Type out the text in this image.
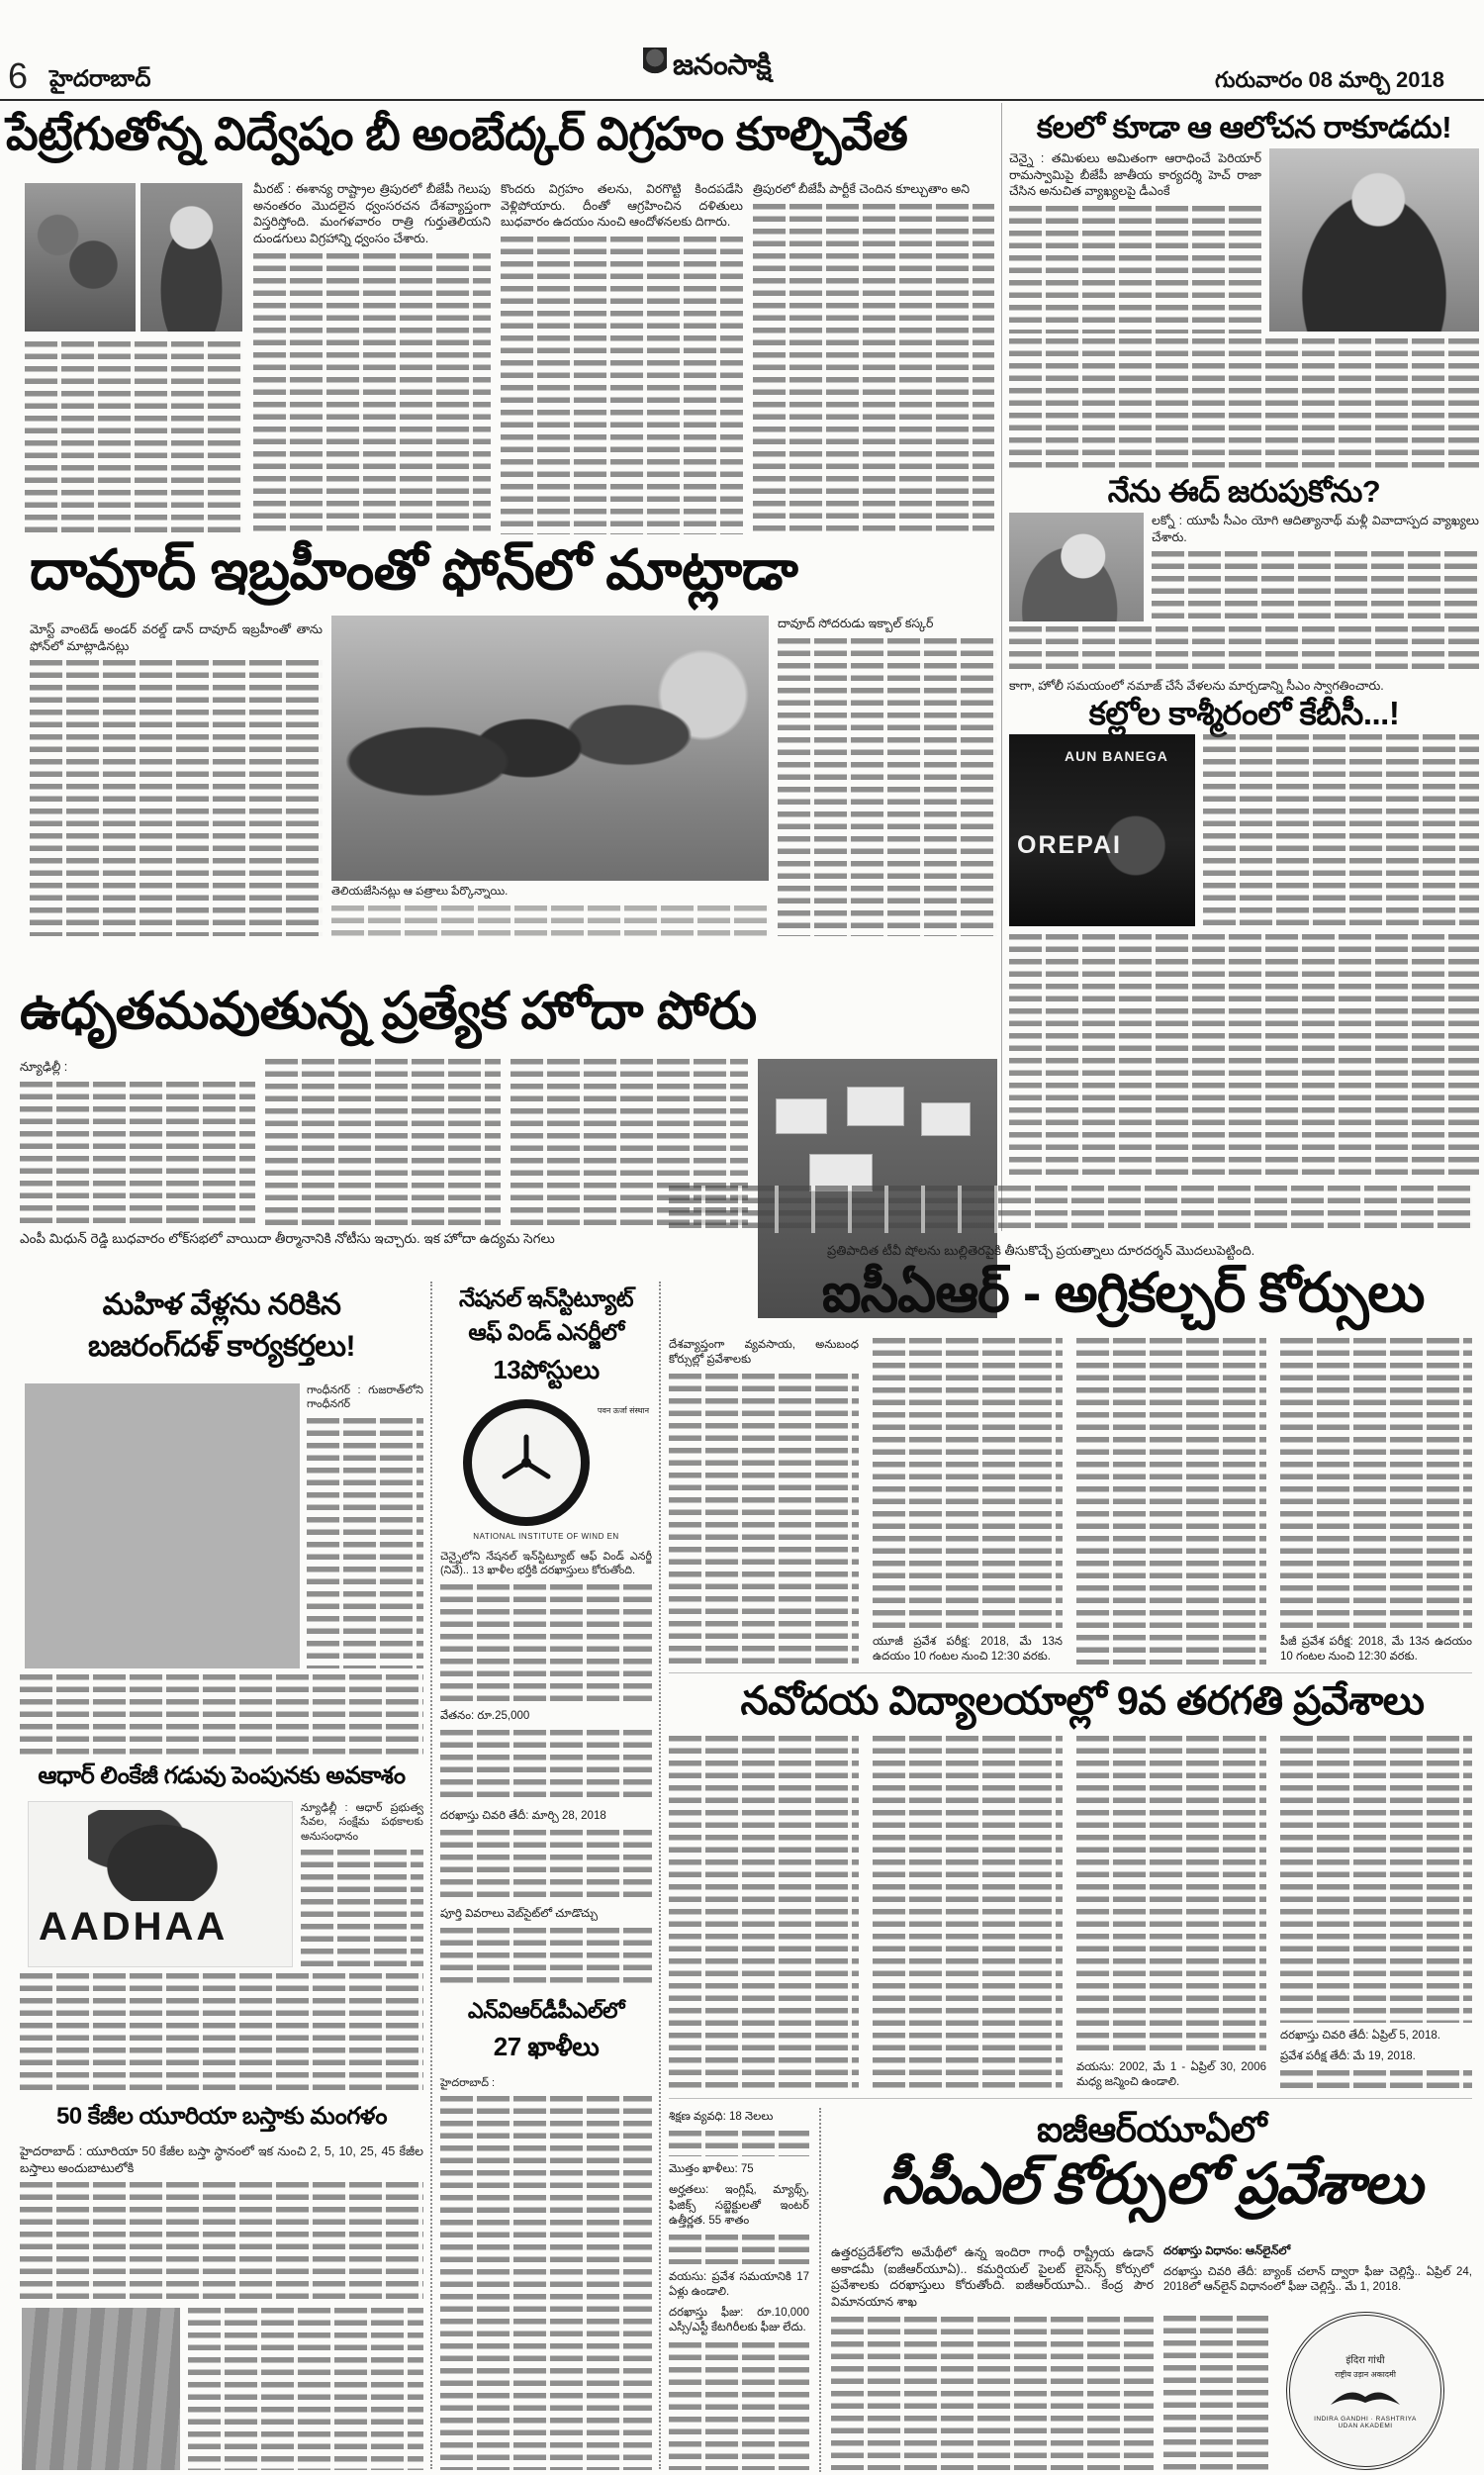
6 హైదరాబాద్	జనంసాక్షి	గురువారం 08 మార్చి 2018
పేట్రేగుతోన్న విద్వేషం బీ అంబేద్కర్ విగ్రహం కూల్చివేత
మీరట్ : ఈశాన్య రాష్ట్రాల త్రిపురలో బీజేపీ గెలుపు అనంతరం మొదలైన ధ్వంసరచన దేశవ్యాప్తంగా విస్తరిస్తోంది. మంగళవారం రాత్రి గుర్తుతెలియని దుండగులు విగ్రహాన్ని ధ్వంసం చేశారు.
కొందరు విగ్రహం తలను, విరగొట్టి కిందపడేసి వెళ్లిపోయారు. దీంతో ఆగ్రహించిన దళితులు బుధవారం ఉదయం నుంచి ఆందోళనలకు దిగారు.
త్రిపురలో బీజేపీ పార్టీకే చెందిన కూల్చుతాం అని
కలలో కూడా ఆ ఆలోచన రాకూడదు!
చెన్నై : తమిళులు అమితంగా ఆరాధించే పెరియార్ రామస్వామిపై బీజేపీ జాతీయ కార్యదర్శి హెచ్ రాజా చేసిన అనుచిత వ్యాఖ్యలపై డీఎంకే
నేను ఈద్ జరుపుకోను?
లక్నో : యూపీ సీఎం యోగి ఆదిత్యానాథ్ మళ్లీ వివాదాస్పద వ్యాఖ్యలు చేశారు.
కాగా, హోలీ సమయంలో నమాజ్ చేసే వేళలను మార్చడాన్ని సీఎం స్వాగతించారు.
కల్లోల కాశ్మీరంలో కేబీసీ...!
AUN BANEGA
OREPAI
దావూద్ ఇబ్రహీంతో ఫోన్‌లో మాట్లాడా
మోస్ట్ వాంటెడ్ అండర్ వరల్డ్ డాన్ దావూద్ ఇబ్రహీంతో తాను ఫోన్‌లో మాట్లాడినట్లు
తెలియజేసినట్లు ఆ పత్రాలు పేర్కొన్నాయి.
దావూద్ సోదరుడు ఇక్బాల్ కస్కర్
ఉధృతమవుతున్న ప్రత్యేక హోదా పోరు
న్యూఢిల్లీ :
ఎంపీ మిధున్ రెడ్డి బుధవారం లోక్‌సభలో వాయిదా తీర్మానానికి నోటీసు ఇచ్చారు. ఇక హోదా ఉద్యమ సెగలు
మహిళ వేళ్లను నరికిన
బజరంగ్‌దళ్ కార్యకర్తలు!
గాంధీనగర్ : గుజరాత్‌లోని గాంధీనగర్
ఆధార్ లింకేజీ గడువు పెంపునకు అవకాశం
AADHAA
న్యూఢిల్లీ : ఆధార్ ప్రభుత్వ సేవల, సంక్షేమ పథకాలకు అనుసంధానం
50 కేజీల యూరియా బస్తాకు మంగళం
హైదరాబాద్ : యూరియా 50 కేజీల బస్తా స్థానంలో ఇక నుంచి 2, 5, 10, 25, 45 కేజీల బస్తాలు అందుబాటులోకి
నేషనల్ ఇన్‌స్టిట్యూట్
ఆఫ్ విండ్ ఎనర్జీలో
13పోస్టులు
पवन ऊर्जा संस्थान
NATIONAL INSTITUTE OF WIND EN
చెన్నైలోని నేషనల్ ఇన్‌స్టిట్యూట్ ఆఫ్ విండ్ ఎనర్జీ (నివే).. 13 ఖాళీల భర్తీకి దరఖాస్తులు కోరుతోంది.
వేతనం: రూ.25,000
దరఖాస్తు చివరి తేదీ: మార్చి 28, 2018
పూర్తి వివరాలు వెబ్‌సైట్‌లో చూడొచ్చు
ఎన్‌విఆర్‌డీపీఎల్‌లో
27 ఖాళీలు
హైదరాబాద్ :
ప్రతిపాదిత టీవీ షోలను బుల్లితెరపైకి తీసుకొచ్చే ప్రయత్నాలు దూరదర్శన్ మొదలుపెట్టింది.
ఐసీఏఆర్ - అగ్రికల్చర్ కోర్సులు
దేశవ్యాప్తంగా వ్యవసాయ, అనుబంధ కోర్సుల్లో ప్రవేశాలకు
యూజీ ప్రవేశ పరీక్ష: 2018, మే 13న ఉదయం 10 గంటల నుంచి 12:30 వరకు.
పీజీ ప్రవేశ పరీక్ష: 2018, మే 13న ఉదయం 10 గంటల నుంచి 12:30 వరకు.
నవోదయ విద్యాలయాల్లో 9వ తరగతి ప్రవేశాలు
వయసు: 2002, మే 1 - ఏప్రిల్ 30, 2006 మధ్య జన్మించి ఉండాలి.
దరఖాస్తు చివరి తేదీ: ఏప్రిల్ 5, 2018.
ప్రవేశ పరీక్ష తేదీ: మే 19, 2018.
శిక్షణ వ్యవధి: 18 నెలలు
మొత్తం ఖాళీలు: 75
అర్హతలు: ఇంగ్లిష్, మ్యాథ్స్, ఫిజిక్స్ సబ్జెక్టులతో ఇంటర్ ఉత్తీర్ణత. 55 శాతం
వయసు: ప్రవేశ సమయానికి 17 ఏళ్లు ఉండాలి.
దరఖాస్తు ఫీజు: రూ.10,000 ఎస్సీ/ఎస్టీ కేటగిరీలకు ఫీజు లేదు.
ఐజీఆర్‌యూఏలో
సీపీఎల్ కోర్సులో ప్రవేశాలు
ఉత్తరప్రదేశ్‌లోని అమేథీలో ఉన్న ఇందిరా గాంధీ రాష్ట్రీయ ఉడాన్ అకాడమీ (ఐజీఆర్‌యూఏ).. కమర్షియల్ పైలట్ లైసెన్స్ కోర్సులో ప్రవేశాలకు దరఖాస్తులు కోరుతోంది. ఐజీఆర్‌యూఏ.. కేంద్ర పౌర విమానయాన శాఖ
దరఖాస్తు విధానం: ఆన్‌లైన్‌లో
దరఖాస్తు చివరి తేదీ: బ్యాంక్ చలాన్ ద్వారా ఫీజు చెల్లిస్తే.. ఏప్రిల్ 24, 2018లో ఆన్‌లైన్ విధానంలో ఫీజు చెల్లిస్తే.. మే 1, 2018.
इंदिरा गांधी
राष्ट्रीय उड़ान अकादमी
INDIRA GANDHI · RASHTRIYA UDAN AKADEMI
